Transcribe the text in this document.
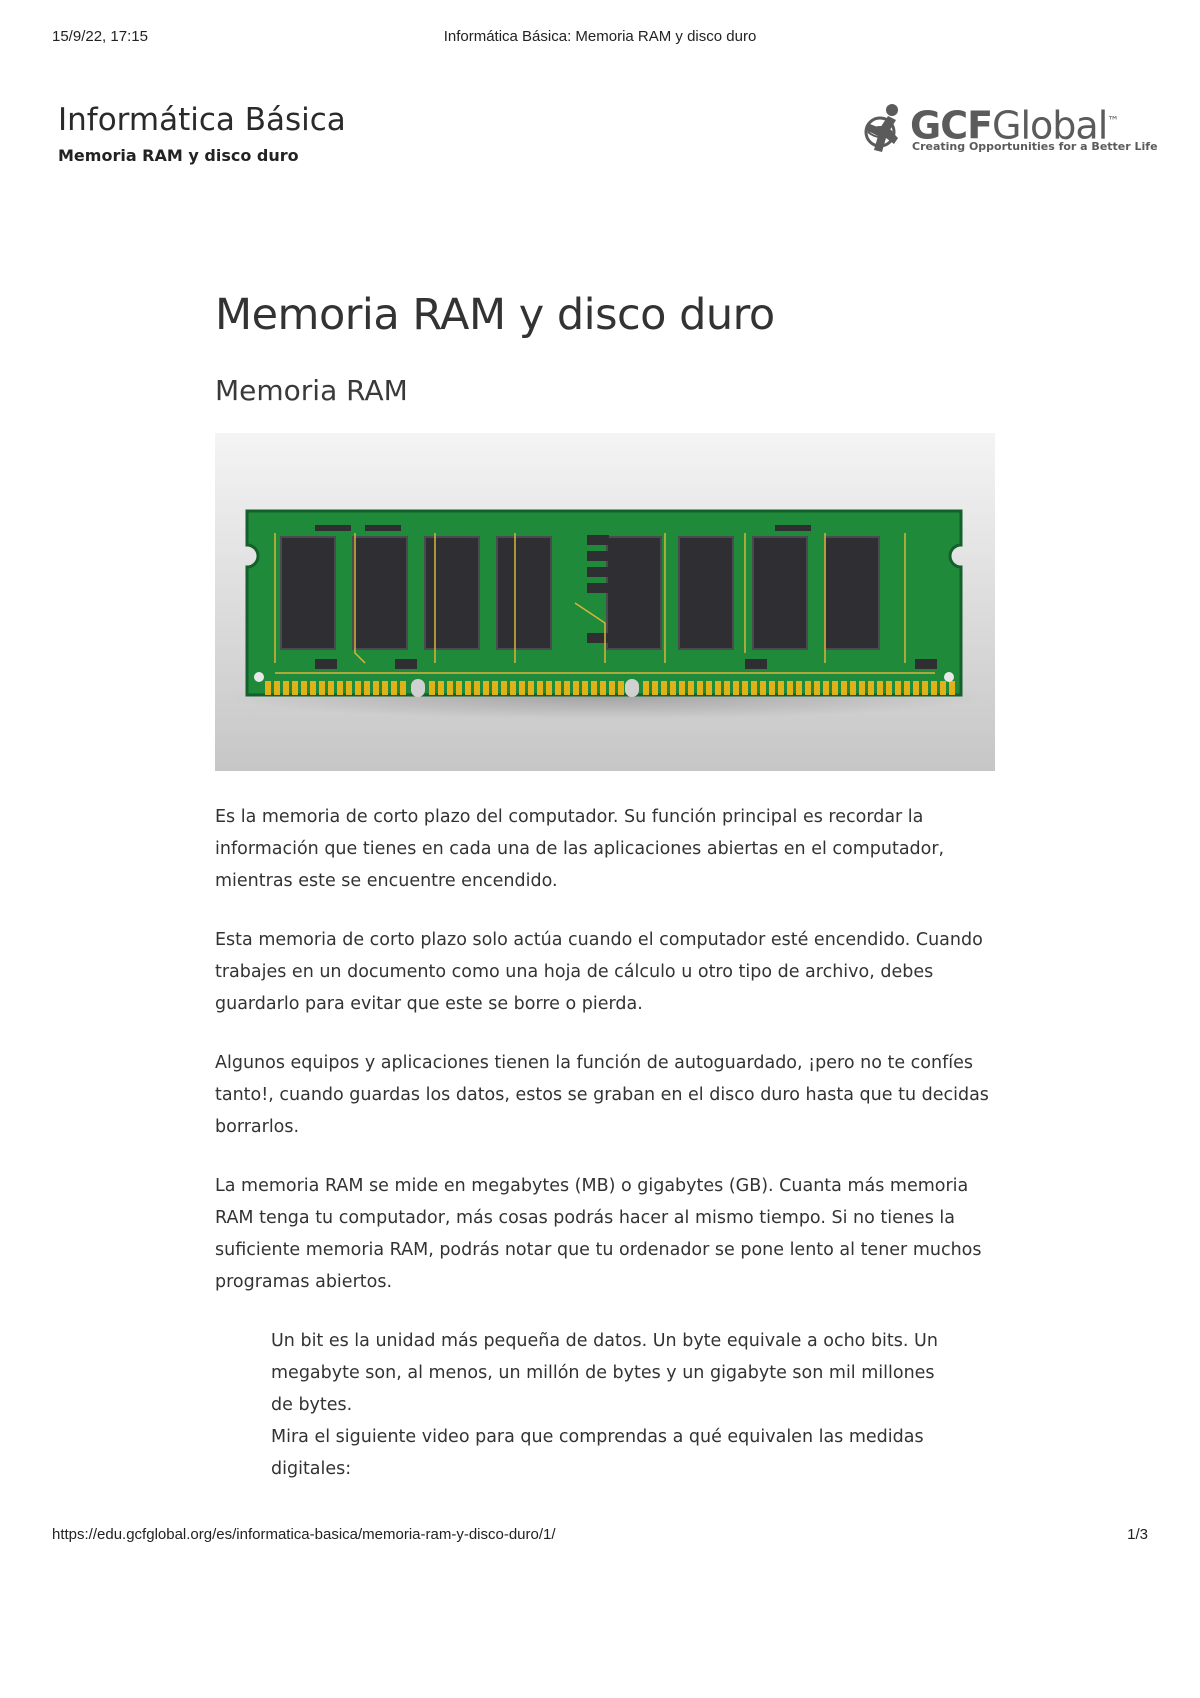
15/9/22, 17:15	Informática Básica: Memoria RAM y disco duro
Informática Básica
Memoria RAM y disco duro
GCFGlobal™
Creating Opportunities for a Better Life
Memoria RAM y disco duro
Memoria RAM

Es la memoria de corto plazo del computador. Su función principal es recordar la información que tienes en cada una de las aplicaciones abiertas en el computador, mientras este se encuentre encendido.

Esta memoria de corto plazo solo actúa cuando el computador esté encendido. Cuando trabajes en un documento como una hoja de cálculo u otro tipo de archivo, debes guardarlo para evitar que este se borre o pierda.

Algunos equipos y aplicaciones tienen la función de autoguardado, ¡pero no te confíes tanto!, cuando guardas los datos, estos se graban en el disco duro hasta que tu decidas borrarlos.

La memoria RAM se mide en megabytes (MB) o gigabytes (GB). Cuanta más memoria RAM tenga tu computador, más cosas podrás hacer al mismo tiempo. Si no tienes la suficiente memoria RAM, podrás notar que tu ordenador se pone lento al tener muchos programas abiertos.

Un bit es la unidad más pequeña de datos. Un byte equivale a ocho bits. Un megabyte son, al menos, un millón de bytes y un gigabyte son mil millones de bytes.

Mira el siguiente video para que comprendas a qué equivalen las medidas digitales:

https://edu.gcfglobal.org/es/informatica-basica/memoria-ram-y-disco-duro/1/	1/3
